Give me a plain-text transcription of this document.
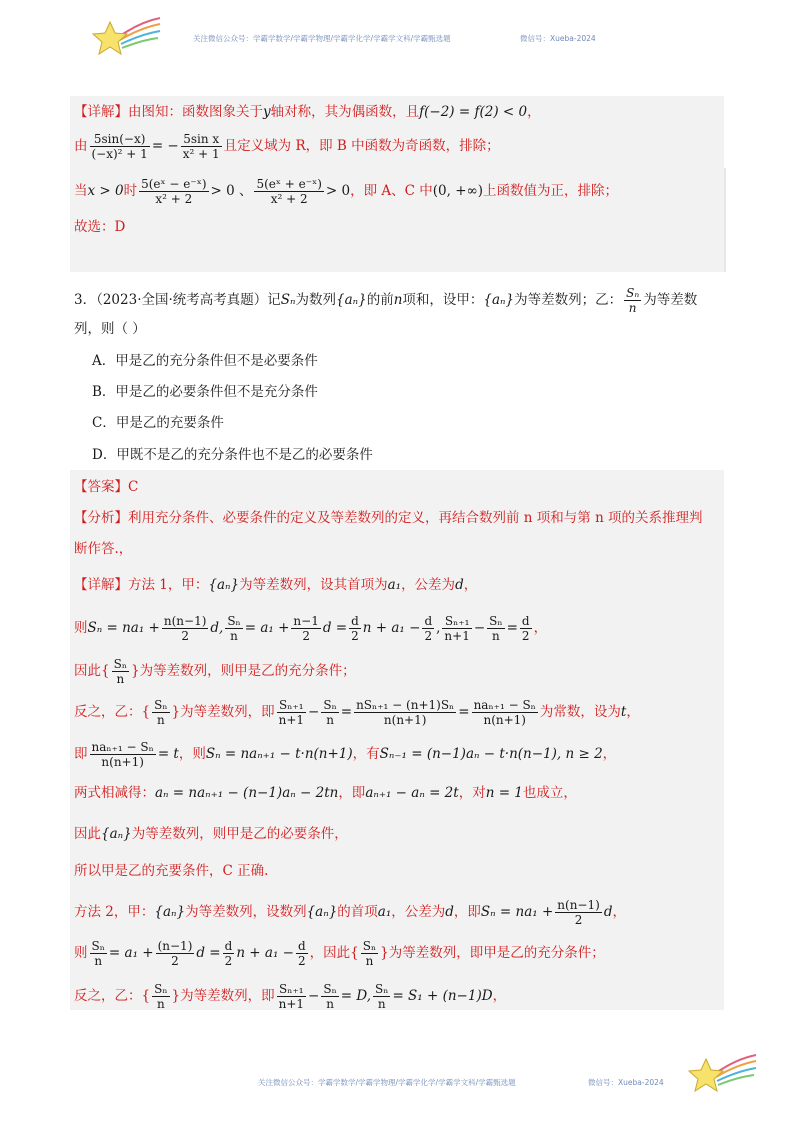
关注微信公众号：学霸学数学/学霸学物理/学霸学化学/学霸学文科/学霸甄选题	微信号：Xueba-2024
【详解】由图知：函数图象关于y轴对称，其为偶函数，且f(−2) = f(2) < 0，
由 $\frac{5\sin(-x)}{\text{(−x)² + 1}}$ = − $\frac{\text{5sin x}}{\text{x² + 1}}$ 且定义域为 R，即 B 中函数为奇函数，排除；
当x > 0时 $\frac{\text{5(eˣ − e⁻ˣ)}}{\text{x² + 2}} > 0$ 、 $\frac{\text{5(eˣ + e⁻ˣ)}}{\text{x² + 2}} > 0$，即 A、C 中(0, +∞)上函数值为正，排除；
故选：D
3．（2023·全国·统考高考真题）记Sₙ为数列{aₙ}的前n项和，设甲：{aₙ}为等差数列；乙： $\frac{\text{Sₙ}}{n}$ 为等差数
列，则（ ）
A．甲是乙的充分条件但不是必要条件
B．甲是乙的必要条件但不是充分条件
C．甲是乙的充要条件
D．甲既不是乙的充分条件也不是乙的必要条件
【答案】C
【分析】利用充分条件、必要条件的定义及等差数列的定义，再结合数列前 n 项和与第 n 项的关系推理判
断作答.，
【详解】方法 1，甲：{aₙ}为等差数列，设其首项为a₁，公差为d，
则$S_n = na_1 + \frac{n(n-1)}{2} d$, $\frac{\text{Sₙ}}{n} = a_1 + \frac{n-1}{2}$ $d = \frac{d}{2}$ $n + a_1 - \frac{d}{2}$ , $\frac{\text{Sₙ₊₁}}{n+1} - \frac{\text{Sₙ}}{n} = \frac{d}{2}$ ，
因此{ $\frac{\text{Sₙ}}{n}$ }为等差数列，则甲是乙的充分条件；
反之，乙：{ $\frac{\text{Sₙ}}{n}$ }为等差数列，即 $\frac{\text{Sₙ₊₁}}{n+1} - \frac{\text{Sₙ}}{n} = \frac{\text{nSₙ₊₁ − (n+1)Sₙ}}{n(n+1)} = \frac{\text{naₙ₊₁ − Sₙ}}{n(n+1)}$ 为常数，设为t，
即 $\frac{\text{naₙ₊₁ − Sₙ}}{n(n+1)} = t$，则Sₙ = naₙ₊₁ − t·n(n+1)，有Sₙ₋₁ = (n−1)aₙ − t·n(n−1), n ≥ 2，
两式相减得：aₙ = naₙ₊₁ − (n−1)aₙ − 2tn，即aₙ₊₁ − aₙ = 2t，对n = 1也成立，
因此{aₙ}为等差数列，则甲是乙的必要条件，
所以甲是乙的充要条件，C 正确.
方法 2，甲：{aₙ}为等差数列，设数列{aₙ}的首项a₁，公差为d，即$S_n = na_1 + \frac{n(n-1)}{2}$ d，
则 $\frac{\text{Sₙ}}{n} = a_1 + \frac{(n-1)}{2}$ $d = \frac{d}{2}$ $n + a_1 - \frac{d}{2}$ ，因此{ $\frac{\text{Sₙ}}{n}$ }为等差数列，即甲是乙的充分条件；
反之，乙：{ $\frac{\text{Sₙ}}{n}$ }为等差数列，即 $\frac{\text{Sₙ₊₁}}{n+1} - \frac{\text{Sₙ}}{n} = D$, $\frac{\text{Sₙ}}{n} = S_1 + (n-1)D$，
关注微信公众号：学霸学数学/学霸学物理/学霸学化学/学霸学文科/学霸甄选题	微信号：Xueba-2024
